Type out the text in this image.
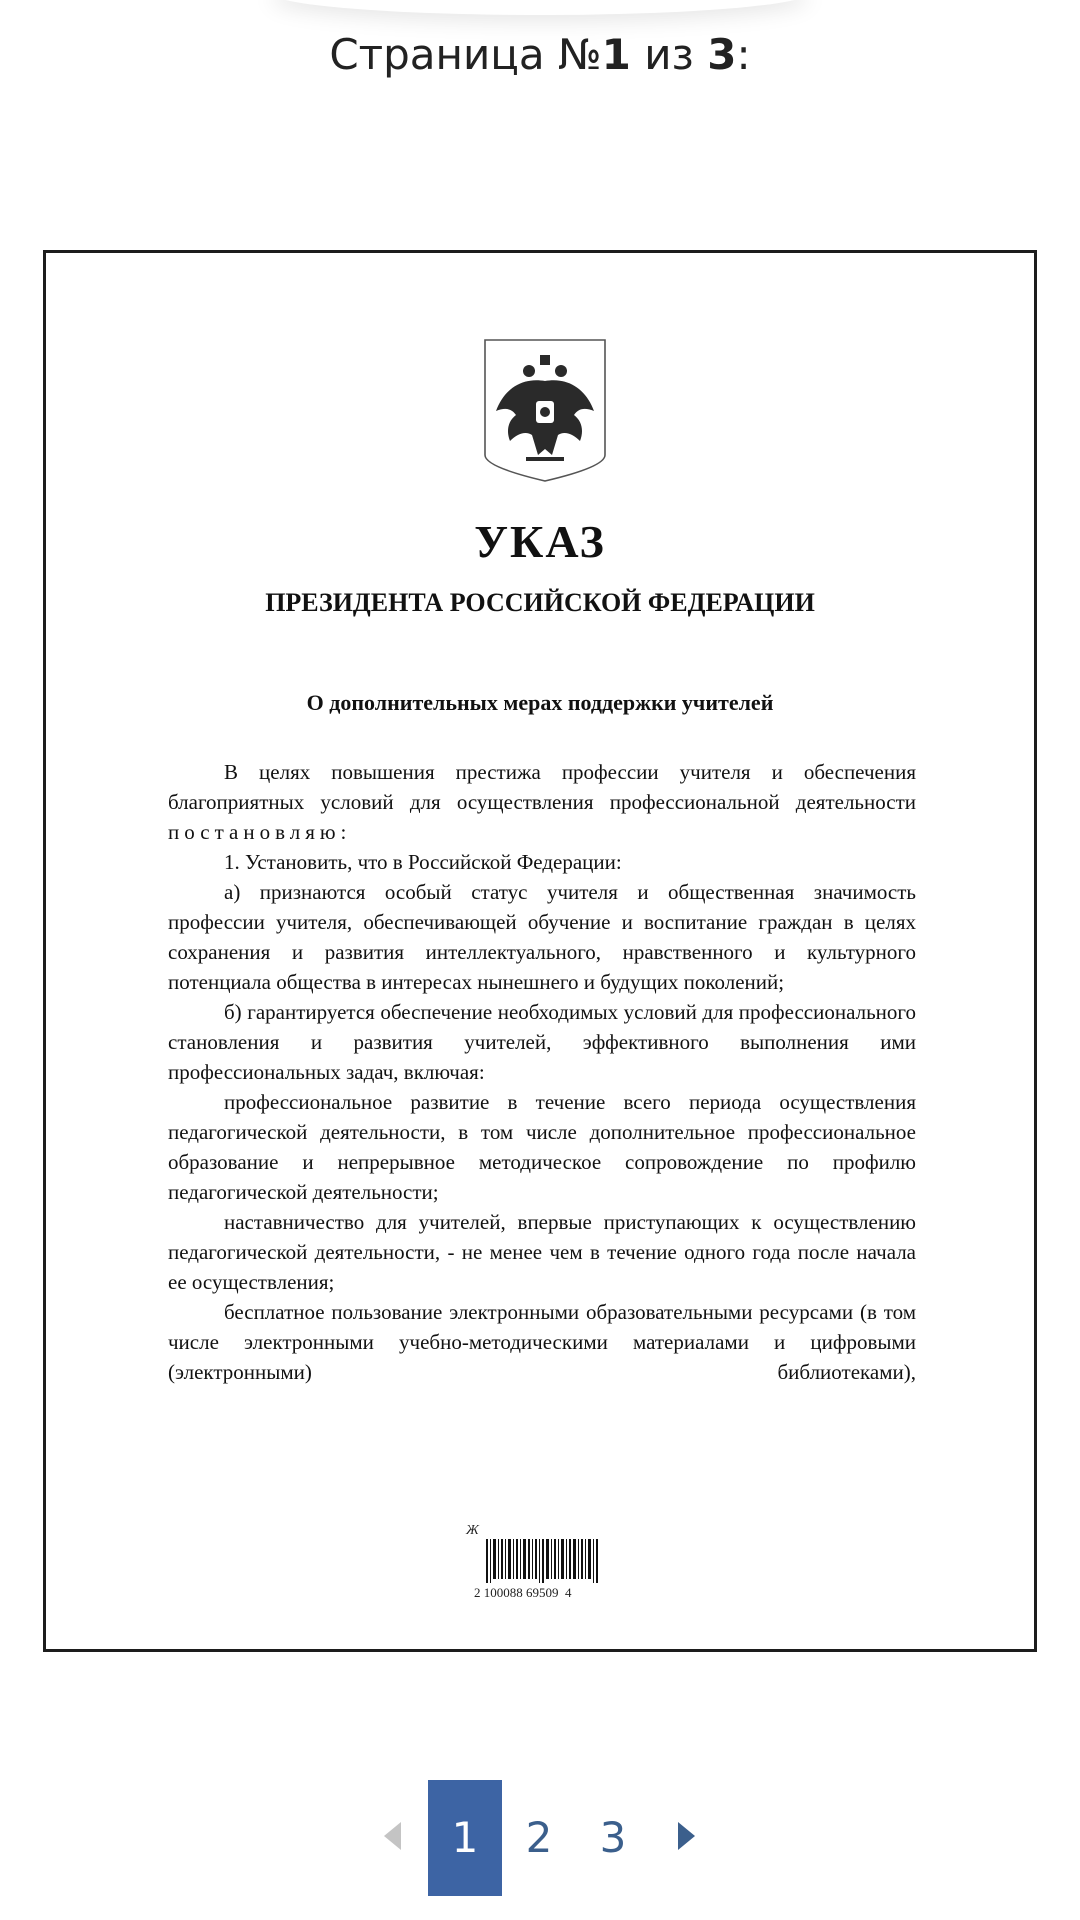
Страница №1 из 3:
УКАЗ
ПРЕЗИДЕНТА РОССИЙСКОЙ ФЕДЕРАЦИИ
О дополнительных мерах поддержки учителей

В целях повышения престижа профессии учителя и обеспечения благоприятных условий для осуществления профессиональной деятельности постановляю:

1. Установить, что в Российской Федерации:

а) признаются особый статус учителя и общественная значимость профессии учителя, обеспечивающей обучение и воспитание граждан в целях сохранения и развития интеллектуального, нравственного и культурного потенциала общества в интересах нынешнего и будущих поколений;

б) гарантируется обеспечение необходимых условий для профессионального становления и развития учителей, эффективного выполнения ими профессиональных задач, включая:

профессиональное развитие в течение всего периода осуществления педагогической деятельности, в том числе дополнительное профессиональное образование и непрерывное методическое сопровождение по профилю педагогической деятельности;

наставничество для учителей, впервые приступающих к осуществлению педагогической деятельности, - не менее чем в течение одного года после начала ее осуществления;

бесплатное пользование электронными образовательными ресурсами (в том числе электронными учебно-методическими материалами и цифровыми (электронными) библиотеками),

Ж
2 100088 69509  4
1	2	3
